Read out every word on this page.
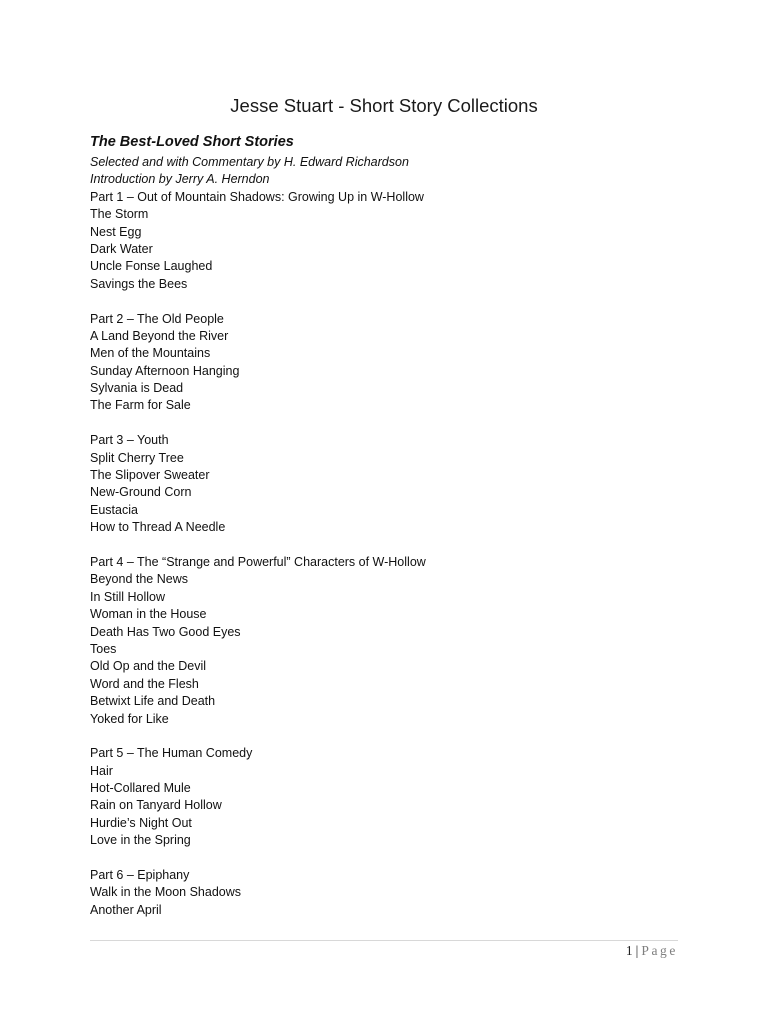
Jesse Stuart - Short Story Collections
The Best-Loved Short Stories
Selected and with Commentary by H. Edward Richardson
Introduction by Jerry A. Herndon
Part 1 – Out of Mountain Shadows: Growing Up in W-Hollow
The Storm
Nest Egg
Dark Water
Uncle Fonse Laughed
Savings the Bees
Part 2 – The Old People
A Land Beyond the River
Men of the Mountains
Sunday Afternoon Hanging
Sylvania is Dead
The Farm for Sale
Part 3 – Youth
Split Cherry Tree
The Slipover Sweater
New-Ground Corn
Eustacia
How to Thread A Needle
Part 4 – The “Strange and Powerful” Characters of W-Hollow
Beyond the News
In Still Hollow
Woman in the House
Death Has Two Good Eyes
Toes
Old Op and the Devil
Word and the Flesh
Betwixt Life and Death
Yoked for Like
Part 5 – The Human Comedy
Hair
Hot-Collared Mule
Rain on Tanyard Hollow
Hurdie’s Night Out
Love in the Spring
Part 6 – Epiphany
Walk in the Moon Shadows
Another April
1 | Page
